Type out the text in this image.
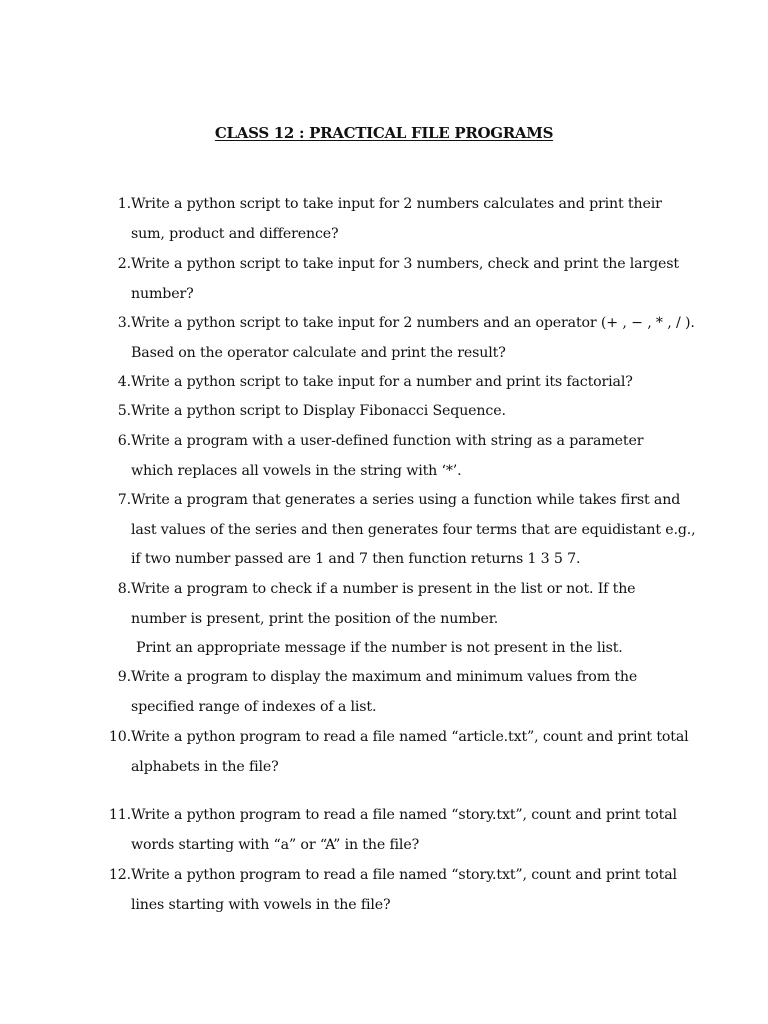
CLASS 12 : PRACTICAL FILE PROGRAMS
1. Write a python script to take input for 2 numbers calculates and print their
sum, product and difference?
2. Write a python script to take input for 3 numbers, check and print the largest
number?
3. Write a python script to take input for 2 numbers and an operator (+ , − , * , / ).
Based on the operator calculate and print the result?
4. Write a python script to take input for a number and print its factorial?
5. Write a python script to Display Fibonacci Sequence.
6. Write a program with a user-defined function with string as a parameter
which replaces all vowels in the string with ‘*’.
7. Write a program that generates a series using a function while takes first and
last values of the series and then generates four terms that are equidistant e.g.,
if two number passed are 1 and 7 then function returns 1 3 5 7.
8. Write a program to check if a number is present in the list or not. If the
number is present, print the position of the number.
Print an appropriate message if the number is not present in the list.
9. Write a program to display the maximum and minimum values from the
specified range of indexes of a list.
10. Write a python program to read a file named “article.txt”, count and print total
alphabets in the file?
11. Write a python program to read a file named “story.txt”, count and print total
words starting with “a” or “A” in the file?
12. Write a python program to read a file named “story.txt”, count and print total
lines starting with vowels in the file?
